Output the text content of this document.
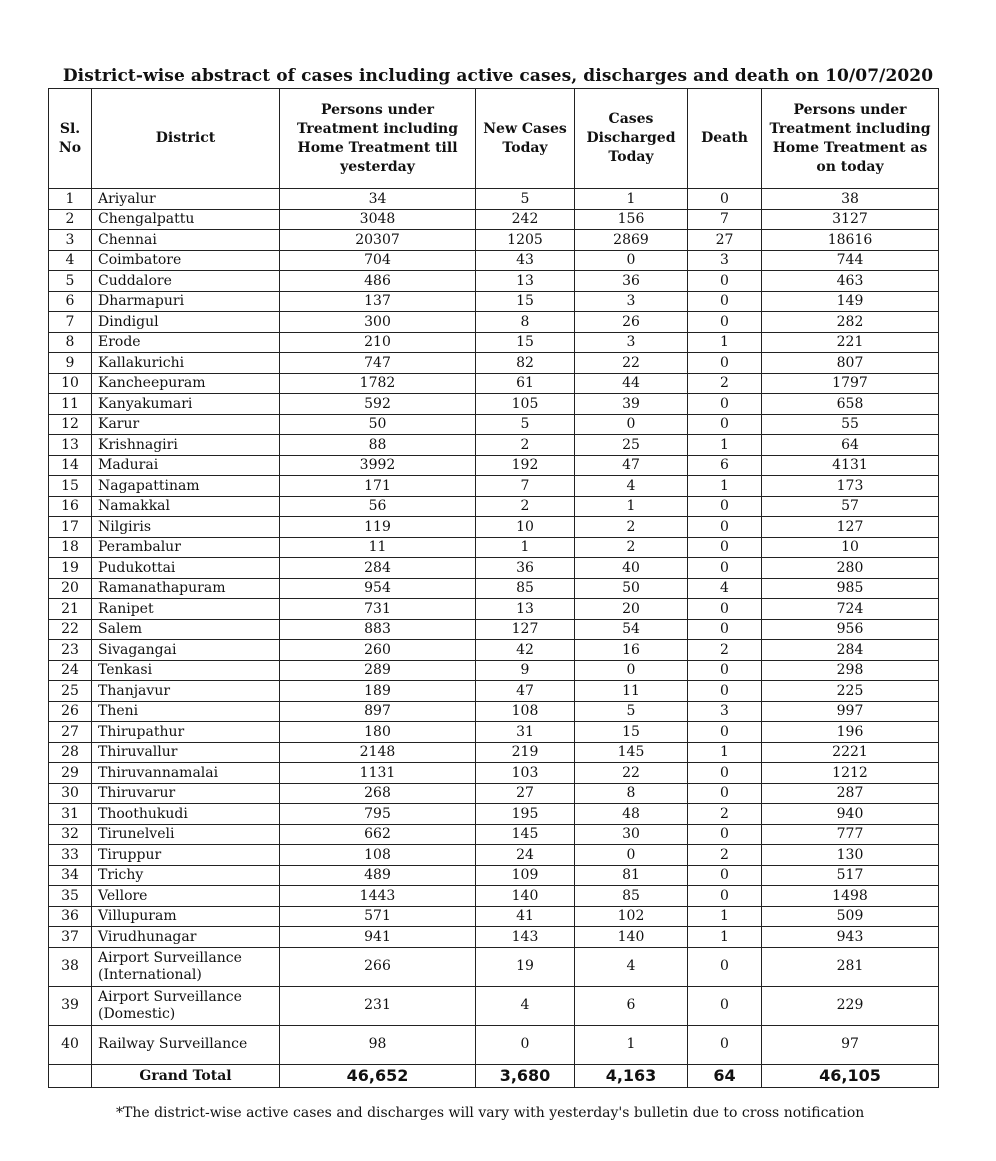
District-wise abstract of cases including active cases, discharges and death on 10/07/2020
Sl. No	District	Persons under Treatment including Home Treatment till yesterday	New Cases Today	Cases Discharged Today	Death	Persons under Treatment including Home Treatment as on today
1	Ariyalur	34	5	1	0	38
2	Chengalpattu	3048	242	156	7	3127
3	Chennai	20307	1205	2869	27	18616
4	Coimbatore	704	43	0	3	744
5	Cuddalore	486	13	36	0	463
6	Dharmapuri	137	15	3	0	149
7	Dindigul	300	8	26	0	282
8	Erode	210	15	3	1	221
9	Kallakurichi	747	82	22	0	807
10	Kancheepuram	1782	61	44	2	1797
11	Kanyakumari	592	105	39	0	658
12	Karur	50	5	0	0	55
13	Krishnagiri	88	2	25	1	64
14	Madurai	3992	192	47	6	4131
15	Nagapattinam	171	7	4	1	173
16	Namakkal	56	2	1	0	57
17	Nilgiris	119	10	2	0	127
18	Perambalur	11	1	2	0	10
19	Pudukottai	284	36	40	0	280
20	Ramanathapuram	954	85	50	4	985
21	Ranipet	731	13	20	0	724
22	Salem	883	127	54	0	956
23	Sivagangai	260	42	16	2	284
24	Tenkasi	289	9	0	0	298
25	Thanjavur	189	47	11	0	225
26	Theni	897	108	5	3	997
27	Thirupathur	180	31	15	0	196
28	Thiruvallur	2148	219	145	1	2221
29	Thiruvannamalai	1131	103	22	0	1212
30	Thiruvarur	268	27	8	0	287
31	Thoothukudi	795	195	48	2	940
32	Tirunelveli	662	145	30	0	777
33	Tiruppur	108	24	0	2	130
34	Trichy	489	109	81	0	517
35	Vellore	1443	140	85	0	1498
36	Villupuram	571	41	102	1	509
37	Virudhunagar	941	143	140	1	943
38	Airport Surveillance (International)	266	19	4	0	281
39	Airport Surveillance (Domestic)	231	4	6	0	229
40	Railway Surveillance	98	0	1	0	97
	Grand Total	46,652	3,680	4,163	64	46,105
*The district-wise active cases and discharges will vary with yesterday's bulletin due to cross notification
